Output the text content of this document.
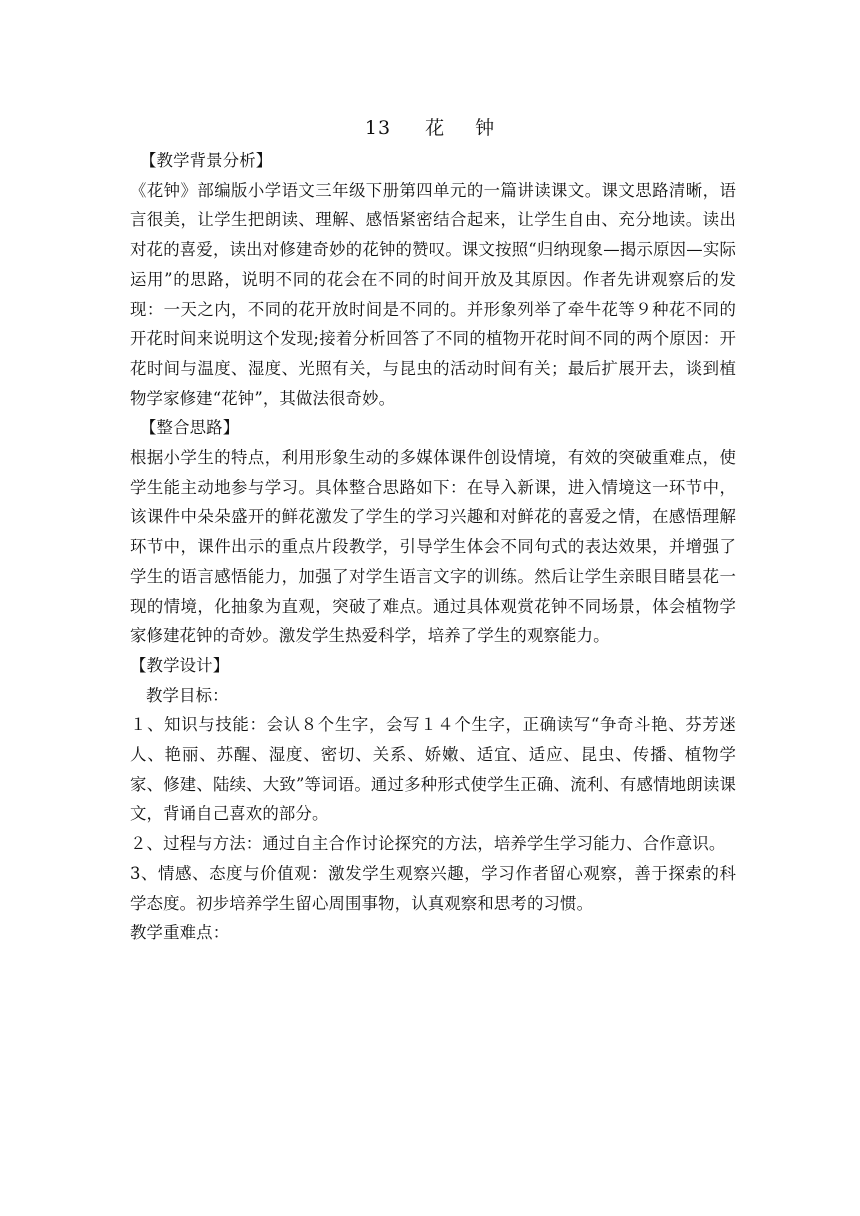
13 花 钟

【教学背景分析】

《花钟》部编版小学语文三年级下册第四单元的一篇讲读课文。课文思路清晰，语言很美，让学生把朗读、理解、感悟紧密结合起来，让学生自由、充分地读。读出对花的喜爱，读出对修建奇妙的花钟的赞叹。课文按照“归纳现象—揭示原因—实际运用”的思路，说明不同的花会在不同的时间开放及其原因。作者先讲观察后的发现：一天之内，不同的花开放时间是不同的。并形象列举了牵牛花等９种花不同的开花时间来说明这个发现;接着分析回答了不同的植物开花时间不同的两个原因：开花时间与温度、湿度、光照有关，与昆虫的活动时间有关；最后扩展开去，谈到植物学家修建“花钟”，其做法很奇妙。

【整合思路】

根据小学生的特点，利用形象生动的多媒体课件创设情境，有效的突破重难点，使学生能主动地参与学习。具体整合思路如下：在导入新课，进入情境这一环节中，该课件中朵朵盛开的鲜花激发了学生的学习兴趣和对鲜花的喜爱之情，在感悟理解环节中，课件出示的重点片段教学，引导学生体会不同句式的表达效果，并增强了学生的语言感悟能力，加强了对学生语言文字的训练。然后让学生亲眼目睹昙花一现的情境，化抽象为直观，突破了难点。通过具体观赏花钟不同场景，体会植物学家修建花钟的奇妙。激发学生热爱科学，培养了学生的观察能力。

【教学设计】

教学目标：

１、知识与技能：会认８个生字，会写１４个生字，正确读写“争奇斗艳、芬芳迷人、艳丽、苏醒、湿度、密切、关系、娇嫩、适宜、适应、昆虫、传播、植物学家、修建、陆续、大致”等词语。通过多种形式使学生正确、流利、有感情地朗读课文，背诵自己喜欢的部分。

２、过程与方法：通过自主合作讨论探究的方法，培养学生学习能力、合作意识。

3、情感、态度与价值观：激发学生观察兴趣，学习作者留心观察，善于探索的科学态度。初步培养学生留心周围事物，认真观察和思考的习惯。

教学重难点：
